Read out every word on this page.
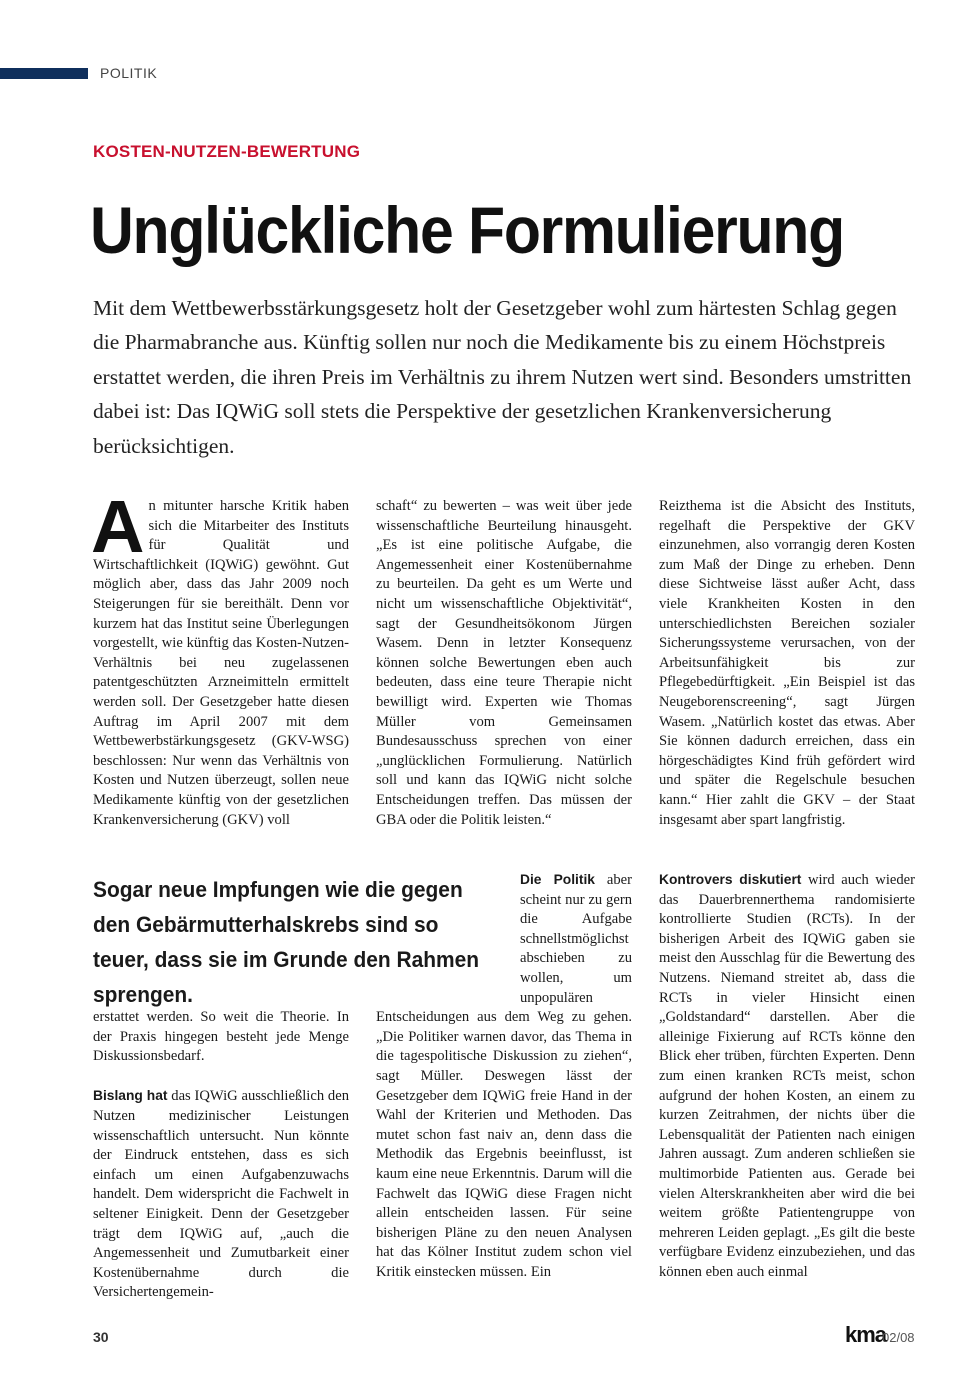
POLITIK
KOSTEN-NUTZEN-BEWERTUNG
Unglückliche Formulierung

Mit dem Wettbewerbsstärkungsgesetz holt der Gesetzgeber wohl zum härtesten Schlag gegen die Pharmabranche aus. Künftig sollen nur noch die Medikamente bis zu einem Höchstpreis erstattet werden, die ihren Preis im Verhältnis zu ihrem Nutzen wert sind. Besonders umstritten dabei ist: Das IQWiG soll stets die Perspektive der gesetzlichen Krankenversicherung berücksichtigen.

An mitunter harsche Kritik haben sich die Mitarbeiter des Instituts für Qualität und Wirtschaftlichkeit (IQWiG) gewöhnt. Gut möglich aber, dass das Jahr 2009 noch Steigerungen für sie bereithält. Denn vor kurzem hat das Institut seine Überlegungen vorgestellt, wie künftig das Kosten-Nutzen-Verhältnis bei neu zugelassenen patentgeschützten Arzneimitteln ermittelt werden soll. Der Gesetzgeber hatte diesen Auftrag im April 2007 mit dem Wettbewerbstärkungsgesetz (GKV-WSG) beschlossen: Nur wenn das Verhältnis von Kosten und Nutzen überzeugt, sollen neue Medikamente künftig von der gesetzlichen Krankenversicherung (GKV) voll

schaft“ zu bewerten – was weit über jede wissenschaftliche Beurteilung hinausgeht. „Es ist eine politische Aufgabe, die Angemessenheit einer Kostenübernahme zu beurteilen. Da geht es um Werte und nicht um wissenschaftliche Objektivität“, sagt der Gesundheitsökonom Jürgen Wasem. Denn in letzter Konsequenz können solche Bewertungen eben auch bedeuten, dass eine teure Therapie nicht bewilligt wird. Experten wie Thomas Müller vom Gemeinsamen Bundesausschuss sprechen von einer „unglücklichen Formulierung. Natürlich soll und kann das IQWiG nicht solche Entscheidungen treffen. Das müssen der GBA oder die Politik leisten.“

Reizthema ist die Absicht des Instituts, regelhaft die Perspektive der GKV einzunehmen, also vorrangig deren Kosten zum Maß der Dinge zu erheben. Denn diese Sichtweise lässt außer Acht, dass viele Krankheiten Kosten in den unterschiedlichsten Bereichen sozialer Sicherungssysteme verursachen, von der Arbeitsunfähigkeit bis zur Pflegebedürftigkeit. „Ein Beispiel ist das Neugeborenscreening“, sagt Jürgen Wasem. „Natürlich kostet das etwas. Aber Sie können dadurch erreichen, dass ein hörgeschädigtes Kind früh gefördert wird und später die Regelschule besuchen kann.“ Hier zahlt die GKV – der Staat insgesamt aber spart langfristig.

Sogar neue Impfungen wie die gegen den Gebärmutterhalskrebs sind so teuer, dass sie im Grunde den Rahmen sprengen.

erstattet werden. So weit die Theorie. In der Praxis hingegen besteht jede Menge Diskussionsbedarf.

Bislang hat das IQWiG ausschließlich den Nutzen medizinischer Leistungen wissenschaftlich untersucht. Nun könnte der Eindruck entstehen, dass es sich einfach um einen Aufgabenzuwachs handelt. Dem widerspricht die Fachwelt in seltener Einigkeit. Denn der Gesetzgeber trägt dem IQWiG auf, „auch die Angemessenheit und Zumutbarkeit einer Kostenübernahme durch die Versichertengemein-

Die Politik aber scheint nur zu gern die Aufgabe schnellstmöglichst abschieben zu wollen, um unpopulären Entscheidungen aus dem Weg zu gehen. „Die Politiker warnen davor, das Thema in die tagespolitische Diskussion zu ziehen“, sagt Müller. Deswegen lässt der Gesetzgeber dem IQWiG freie Hand in der Wahl der Kriterien und Methoden. Das mutet schon fast naiv an, denn dass die Methodik das Ergebnis beeinflusst, ist kaum eine neue Erkenntnis. Darum will die Fachwelt das IQWiG diese Fragen nicht allein entscheiden lassen. Für seine bisherigen Pläne zu den neuen Analysen hat das Kölner Institut zudem schon viel Kritik einstecken müssen. Ein

Kontrovers diskutiert wird auch wieder das Dauerbrennerthema randomisierte kontrollierte Studien (RCTs). In der bisherigen Arbeit des IQWiG gaben sie meist den Ausschlag für die Bewertung des Nutzens. Niemand streitet ab, dass die RCTs in vieler Hinsicht einen „Goldstandard“ darstellen. Aber die alleinige Fixierung auf RCTs könne den Blick eher trüben, fürchten Experten. Denn zum einen kranken RCTs meist, schon aufgrund der hohen Kosten, an einem zu kurzen Zeitrahmen, der nichts über die Lebensqualität der Patienten nach einigen Jahren aussagt. Zum anderen schließen sie multimorbide Patienten aus. Gerade bei vielen Alterskrankheiten aber wird die bei weitem größte Patientengruppe von mehreren Leiden geplagt. „Es gilt die beste verfügbare Evidenz einzubeziehen, und das können eben auch einmal

30	kma
02/08
